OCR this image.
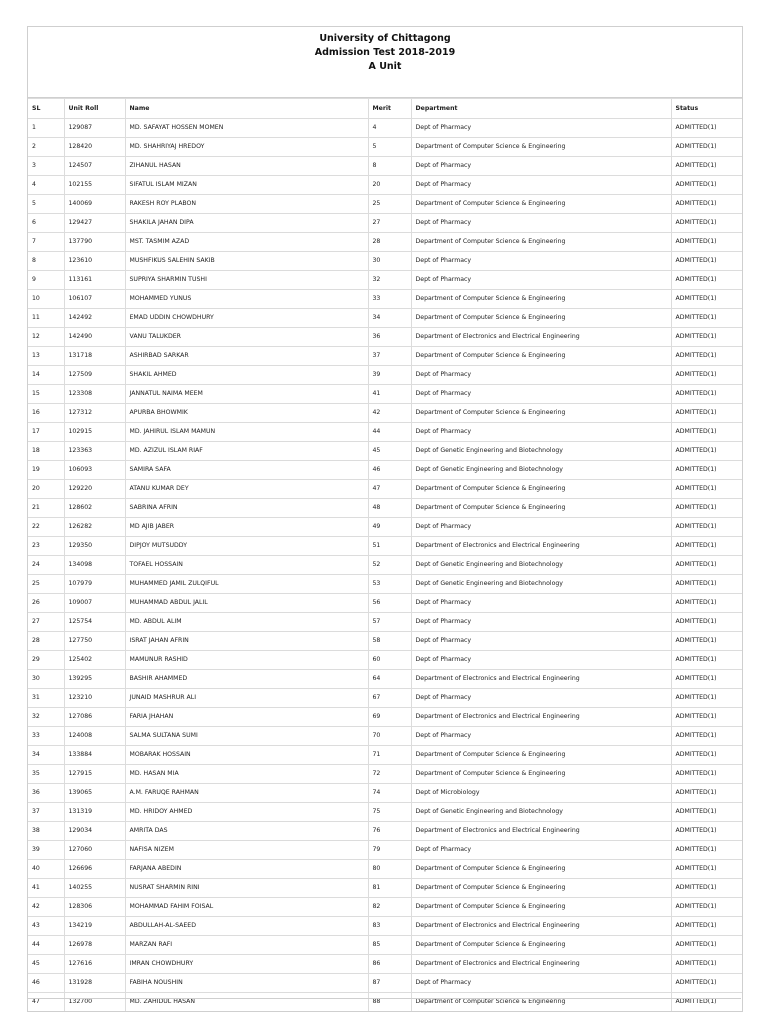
University of Chittagong
Admission Test 2018-2019
A Unit
SL	Unit Roll	Name	Merit	Department	Status
1	129087	MD. SAFAYAT HOSSEN MOMEN	4	Dept of Pharmacy	ADMITTED(1)
2	128420	MD. SHAHRIYAJ HREDOY	5	Department of Computer Science & Engineering	ADMITTED(1)
3	124507	ZIHANUL HASAN	8	Dept of Pharmacy	ADMITTED(1)
4	102155	SIFATUL ISLAM MIZAN	20	Dept of Pharmacy	ADMITTED(1)
5	140069	RAKESH ROY PLABON	25	Department of Computer Science & Engineering	ADMITTED(1)
6	129427	SHAKILA JAHAN DIPA	27	Dept of Pharmacy	ADMITTED(1)
7	137790	MST. TASMIM AZAD	28	Department of Computer Science & Engineering	ADMITTED(1)
8	123610	MUSHFIKUS SALEHIN SAKIB	30	Dept of Pharmacy	ADMITTED(1)
9	113161	SUPRIYA SHARMIN TUSHI	32	Dept of Pharmacy	ADMITTED(1)
10	106107	MOHAMMED YUNUS	33	Department of Computer Science & Engineering	ADMITTED(1)
11	142492	EMAD UDDIN CHOWDHURY	34	Department of Computer Science & Engineering	ADMITTED(1)
12	142490	VANU TALUKDER	36	Department of Electronics and Electrical Engineering	ADMITTED(1)
13	131718	ASHIRBAD SARKAR	37	Department of Computer Science & Engineering	ADMITTED(1)
14	127509	SHAKIL AHMED	39	Dept of Pharmacy	ADMITTED(1)
15	123308	JANNATUL NAIMA MEEM	41	Dept of Pharmacy	ADMITTED(1)
16	127312	APURBA BHOWMIK	42	Department of Computer Science & Engineering	ADMITTED(1)
17	102915	MD. JAHIRUL ISLAM MAMUN	44	Dept of Pharmacy	ADMITTED(1)
18	123363	MD. AZIZUL ISLAM RIAF	45	Dept of Genetic Engineering and Biotechnology	ADMITTED(1)
19	106093	SAMIRA SAFA	46	Dept of Genetic Engineering and Biotechnology	ADMITTED(1)
20	129220	ATANU KUMAR DEY	47	Department of Computer Science & Engineering	ADMITTED(1)
21	128602	SABRINA AFRIN	48	Department of Computer Science & Engineering	ADMITTED(1)
22	126282	MD AJIB JABER	49	Dept of Pharmacy	ADMITTED(1)
23	129350	DIPJOY MUTSUDDY	51	Department of Electronics and Electrical Engineering	ADMITTED(1)
24	134098	TOFAEL HOSSAIN	52	Dept of Genetic Engineering and Biotechnology	ADMITTED(1)
25	107979	MUHAMMED JAMIL ZULQIFUL	53	Dept of Genetic Engineering and Biotechnology	ADMITTED(1)
26	109007	MUHAMMAD ABDUL JALIL	56	Dept of Pharmacy	ADMITTED(1)
27	125754	MD. ABDUL ALIM	57	Dept of Pharmacy	ADMITTED(1)
28	127750	ISRAT JAHAN AFRIN	58	Dept of Pharmacy	ADMITTED(1)
29	125402	MAMUNUR RASHID	60	Dept of Pharmacy	ADMITTED(1)
30	139295	BASHIR AHAMMED	64	Department of Electronics and Electrical Engineering	ADMITTED(1)
31	123210	JUNAID MASHRUR ALI	67	Dept of Pharmacy	ADMITTED(1)
32	127086	FARIA JHAHAN	69	Department of Electronics and Electrical Engineering	ADMITTED(1)
33	124008	SALMA SULTANA SUMI	70	Dept of Pharmacy	ADMITTED(1)
34	133884	MOBARAK HOSSAIN	71	Department of Computer Science & Engineering	ADMITTED(1)
35	127915	MD. HASAN MIA	72	Department of Computer Science & Engineering	ADMITTED(1)
36	139065	A.M. FARUQE RAHMAN	74	Dept of Microbiology	ADMITTED(1)
37	131319	MD. HRIDOY AHMED	75	Dept of Genetic Engineering and Biotechnology	ADMITTED(1)
38	129034	AMRITA DAS	76	Department of Electronics and Electrical Engineering	ADMITTED(1)
39	127060	NAFISA NIZEM	79	Dept of Pharmacy	ADMITTED(1)
40	126696	FARJANA ABEDIN	80	Department of Computer Science & Engineering	ADMITTED(1)
41	140255	NUSRAT SHARMIN RINI	81	Department of Computer Science & Engineering	ADMITTED(1)
42	128306	MOHAMMAD FAHIM FOISAL	82	Department of Computer Science & Engineering	ADMITTED(1)
43	134219	ABDULLAH-AL-SAEED	83	Department of Electronics and Electrical Engineering	ADMITTED(1)
44	126978	MARZAN RAFI	85	Department of Computer Science & Engineering	ADMITTED(1)
45	127616	IMRAN CHOWDHURY	86	Department of Electronics and Electrical Engineering	ADMITTED(1)
46	131928	FABIHA NOUSHIN	87	Dept of Pharmacy	ADMITTED(1)
47	132700	MD. ZAHIDUL HASAN	88	Department of Computer Science & Engineering	ADMITTED(1)
